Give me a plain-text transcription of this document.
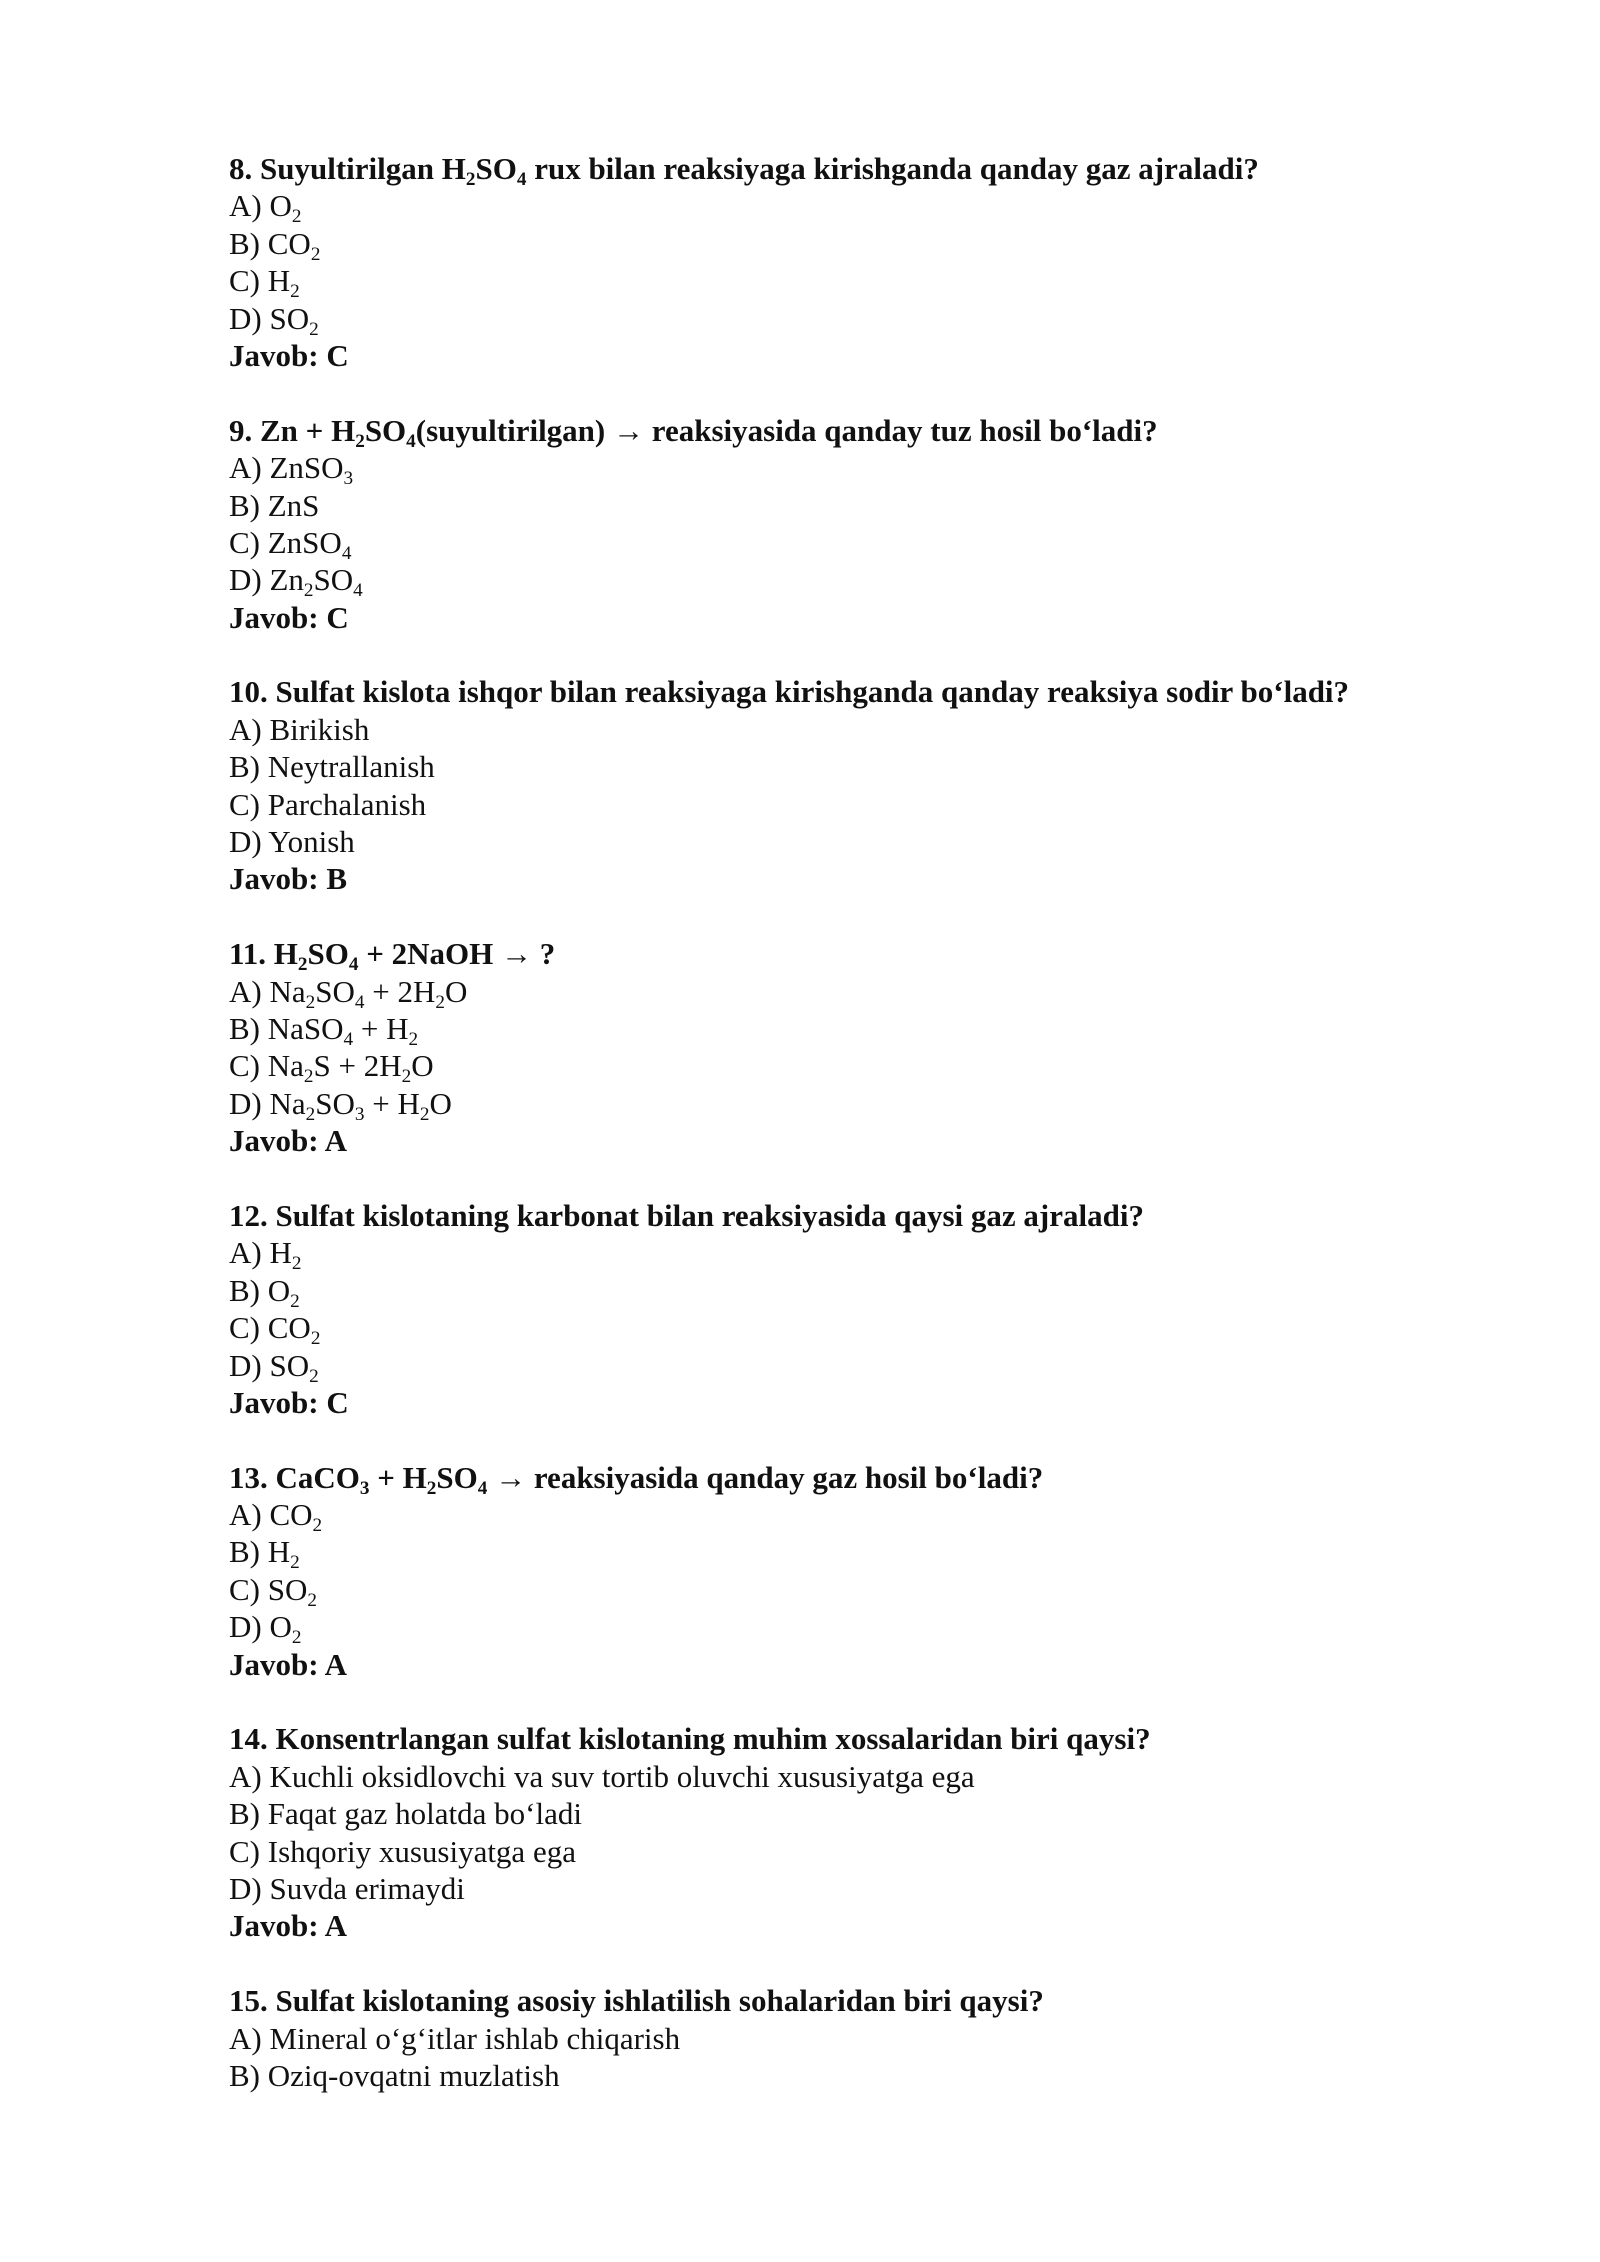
8. Suyultirilgan $H_2SO_4$ rux bilan reaksiyaga kirishganda qanday gaz ajraladi?
A) $O_2$
B) $CO_2$
C) $H_2$
D) $SO_2$
Javob: C
9. $Zn + H_2SO_4(suyultirilgan)$ → reaksiyasida qanday tuz hosil bo‘ladi?
A) ZnSO$_3$
B) ZnS
C) ZnSO$_4$
D) $Zn_2SO_4$
Javob: C
10. Sulfat kislota ishqor bilan reaksiyaga kirishganda qanday reaksiya sodir bo‘ladi?
A) Birikish
B) Neytrallanish
C) Parchalanish
D) Yonish
Javob: B
11. $H_2SO_4$ + 2NaOH → ?
A) $Na_2SO_4 + 2H_2O$
B) NaSO$_4$ + $H_2$
C) $Na_2S + 2H_2O$
D) $Na_2SO_3 + H_2O$
Javob: A
12. Sulfat kislotaning karbonat bilan reaksiyasida qaysi gaz ajraladi?
A) $H_2$
B) $O_2$
C) $CO_2$
D) $SO_2$
Javob: C
13. CaCO$_3$ + $H_2SO_4$ → reaksiyasida qanday gaz hosil bo‘ladi?
A) $CO_2$
B) $H_2$
C) $SO_2$
D) $O_2$
Javob: A
14. Konsentrlangan sulfat kislotaning muhim xossalaridan biri qaysi?
A) Kuchli oksidlovchi va suv tortib oluvchi xususiyatga ega
B) Faqat gaz holatda bo‘ladi
C) Ishqoriy xususiyatga ega
D) Suvda erimaydi
Javob: A
15. Sulfat kislotaning asosiy ishlatilish sohalaridan biri qaysi?
A) Mineral o‘g‘itlar ishlab chiqarish
B) Oziq-ovqatni muzlatish
